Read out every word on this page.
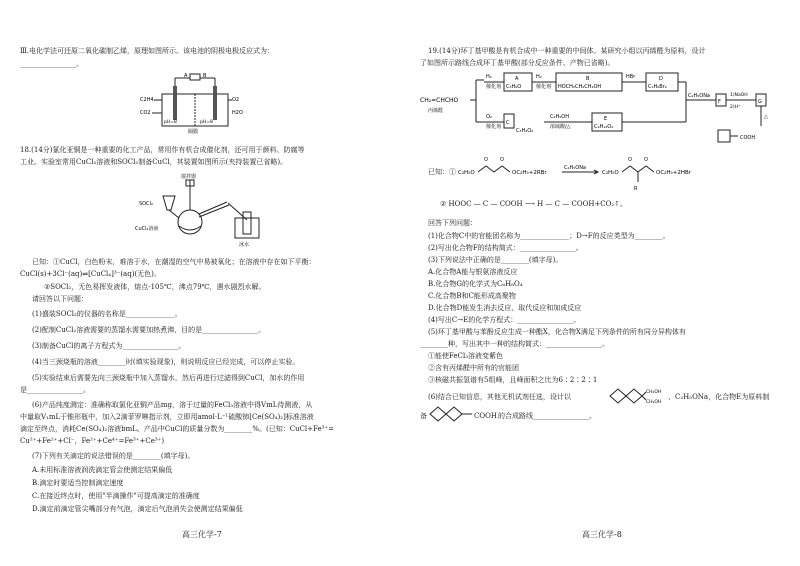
Ⅲ.电化学法可还原二氧化碳制乙烯，原理如图所示。该电池的阴极电极反应式为：
________________。
A	B
C2H4	O2
CO2	H2O
pH=8	pH=8
隔膜
18.(14分)氯化亚铜是一种重要的化工产品，常用作有机合成催化剂，还可用于颜料、防腐等
工业。实验室常用CuCl₂溶液和SOCl₂制备CuCl，其装置如图所示(夹持装置已省略)。
搅拌器
SOCl₂
CuCl₂溶液
冰水
已知：①CuCl，白色粉末，难溶于水，在潮湿的空气中易被氧化；在溶液中存在如下平衡：
CuCl(s)+3Cl⁻(aq)⇌[CuCl₄]³⁻(aq)(无色)。
②SOCl₂，无色易挥发液体，熔点-105℃，沸点79℃，遇水剧烈水解。
请回答以下问题：
(1)盛装SOCl₂的仪器的名称是______________。
(2)配制CuCl₂溶液需要的蒸馏水需要加热煮沸，目的是________________。
(3)制备CuCl的离子方程式为________________。
(4)当三颈烧瓶的溶液________时(填实验现象)，则说明反应已经完成，可以停止实验。
(5)实验结束后需要先向三颈烧瓶中加入蒸馏水，然后再进行过滤得到CuCl，加水的作用
是________________。
(6)产品纯度测定：准确称取氯化亚铜产品mg，溶于过量的FeCl₃溶液中得VmL待测液，从
中量取V₁mL于锥形瓶中，加入2滴菲罗啉指示剂，立即用amol·L⁻¹硫酸铈[Ce(SO₄)₂]标准溶液
滴定至终点，消耗Ce(SO₄)₂溶液bmL。产品中CuCl的质量分数为________%。(已知：CuCl+Fe³⁺=
Cu²⁺+Fe²⁺+Cl⁻，Fe²⁺+Ce⁴⁺=Fe³⁺+Ce³⁺)
(7)下列有关滴定的说法错误的是________(填字母)。
A.未用标准溶液润洗滴定管会使测定结果偏低
B.滴定时要适当控制滴定速度
C.在接近终点时，使用"半滴操作"可提高滴定的准确度
D.滴定前滴定管尖嘴部分有气泡，滴定后气泡消失会使测定结果偏低
高三化学-7
19.(14分)环丁基甲酸是有机合成中一种重要的中间体。某研究小组以丙烯醛为原料，设计
了如图所示路线合成环丁基甲酸(部分反应条件、产物已省略)。
CH₂=CHCHO
丙烯醛
H₂
催化剂
A
C₃H₆O
H₂
催化剂
B
HOCH₂CH₂CH₂OH
HBr	D
C₃H₆Br₂
O₂
催化剂
C
C₃H₄O₂
C₂H₅OH
浓硫酸/△
E
C₉H₁₂O₄
C₂H₅ONa
F
1)NaOH
2)H⁺
G
△
COOH
已知：① C₂H₅O
O O
OC₂H₅+2RBr
C₂H₅ONa
C₂H₅O
O O
R
OC₂H₅+2HBr
② HOOC — C — COOH ⟶ H — C — COOH+CO₂↑。
回答下列问题：
(1)化合物C中的官能团名称为______________；D→F的反应类型为________。
(2)写出化合物F的结构简式：________________。
(3)下列说法中正确的是________(填字母)。
A.化合物A能与银氨溶液反应
B.化合物G的化学式为C₆H₈O₄
C.化合物B和C能形成高聚物
D.化合物D能发生消去反应、取代反应和加成反应
(4)写出C→E的化学方程式：________________。
(5)环丁基甲酸与苯酚反应生成一种酯X，化合物X满足下列条件的所有同分异构体有
________种，写出其中一种的结构简式：________________。
①能使FeCl₃溶液变紫色
②含有丙烯醛中所有的官能团
③核磁共振氢谱有5组峰，且峰面积之比为6∶2∶2∶1
(6)结合已知信息，其他无机试剂任选，设计以
CH₂OH
CH₂OH
、C₂H₅ONa，化合物E为原料制
备	COOH 的合成路线________________。
高三化学-8
